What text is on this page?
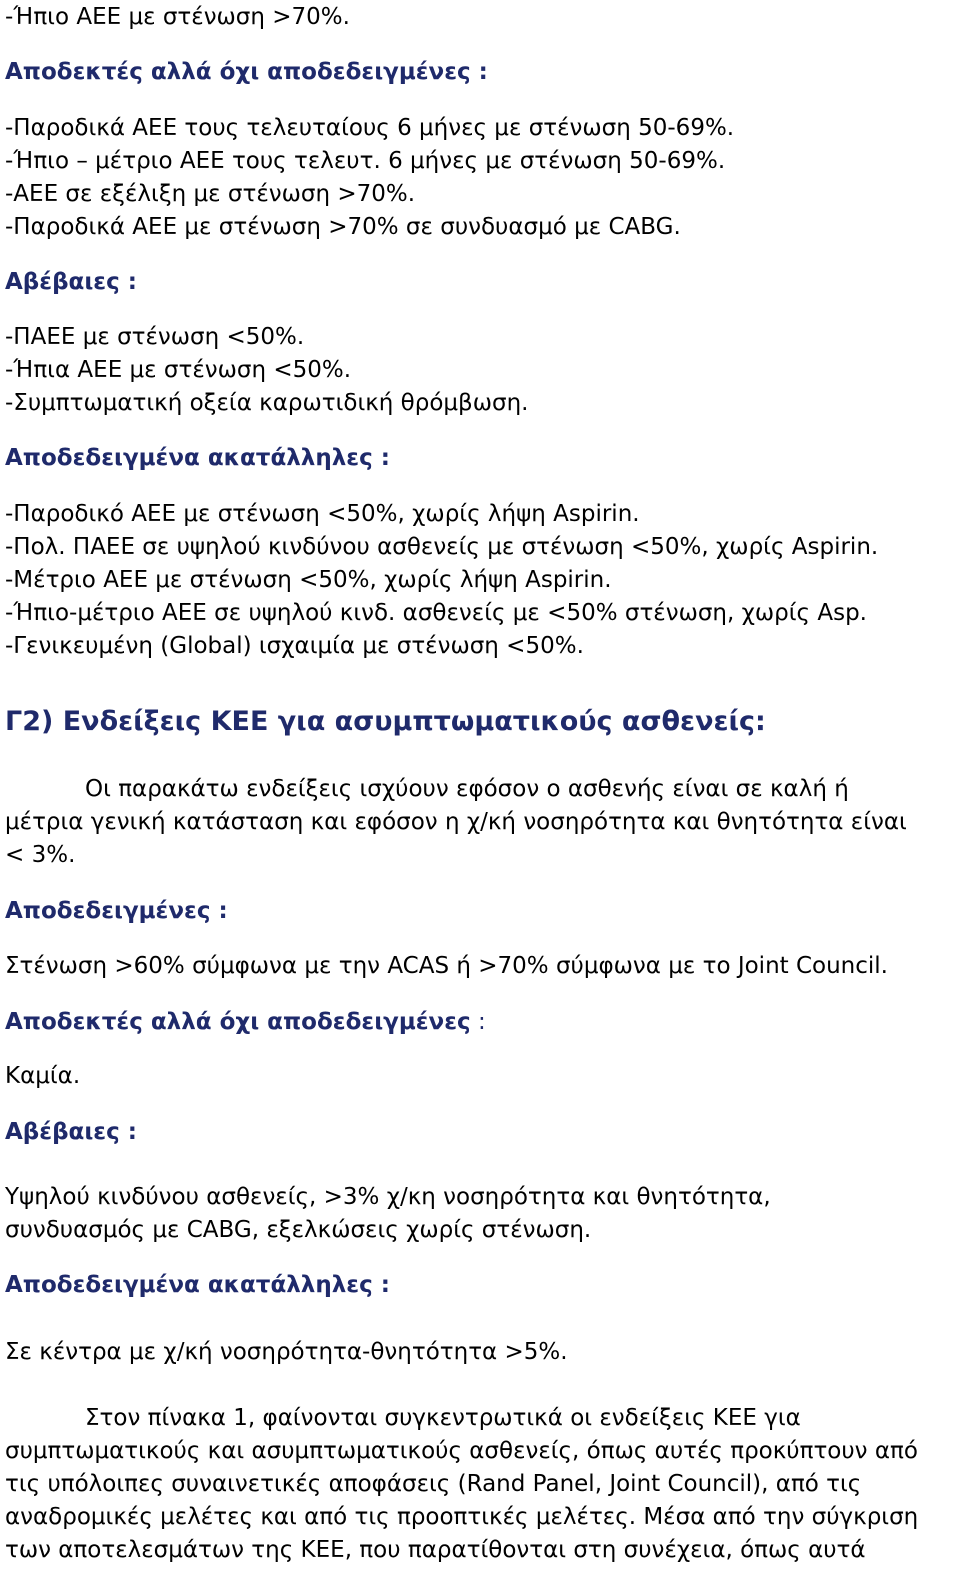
-Ήπιο ΑΕΕ με στένωση >70%.
Αποδεκτές αλλά όχι αποδεδειγμένες :
-Παροδικά ΑΕΕ τους τελευταίους 6 μήνες με στένωση 50-69%.
-Ήπιο – μέτριο ΑΕΕ τους τελευτ. 6 μήνες με στένωση 50-69%.
-ΑΕΕ σε εξέλιξη με στένωση >70%.
-Παροδικά ΑΕΕ με στένωση >70% σε συνδυασμό με CABG.
Αβέβαιες :
-ΠΑΕΕ με στένωση <50%.
-Ήπια ΑΕΕ με στένωση <50%.
-Συμπτωματική οξεία καρωτιδική θρόμβωση.
Αποδεδειγμένα ακατάλληλες :
-Παροδικό ΑΕΕ με στένωση <50%, χωρίς λήψη Aspirin.
-Πολ. ΠΑΕΕ σε υψηλού κινδύνου ασθενείς με στένωση <50%, χωρίς Aspirin.
-Μέτριο ΑΕΕ με στένωση <50%, χωρίς λήψη Aspirin.
-Ήπιο-μέτριο ΑΕΕ σε υψηλού κινδ. ασθενείς με <50% στένωση, χωρίς Asp.
-Γενικευμένη (Global) ισχαιμία με στένωση <50%.
Γ2) Ενδείξεις ΚΕΕ για ασυμπτωματικούς ασθενείς:
Οι παρακάτω ενδείξεις ισχύουν εφόσον ο ασθενής είναι σε καλή ή
μέτρια γενική κατάσταση και εφόσον η χ/κή νοσηρότητα και θνητότητα είναι
< 3%.
Αποδεδειγμένες :
Στένωση >60% σύμφωνα με την ACAS ή >70% σύμφωνα με το Joint Council.
Αποδεκτές αλλά όχι αποδεδειγμένες :
Καμία.
Αβέβαιες :
Υψηλού κινδύνου ασθενείς, >3% χ/κη νοσηρότητα και θνητότητα,
συνδυασμός με CABG, εξελκώσεις χωρίς στένωση.
Αποδεδειγμένα ακατάλληλες :
Σε κέντρα με χ/κή νοσηρότητα-θνητότητα >5%.
Στον πίνακα 1, φαίνονται συγκεντρωτικά οι ενδείξεις ΚΕΕ για
συμπτωματικούς και ασυμπτωματικούς ασθενείς, όπως αυτές προκύπτουν από
τις υπόλοιπες συναινετικές αποφάσεις (Rand Panel, Joint Council), από τις
αναδρομικές μελέτες και από τις προοπτικές μελέτες. Μέσα από την σύγκριση
των αποτελεσμάτων της ΚΕΕ, που παρατίθονται στη συνέχεια, όπως αυτά
